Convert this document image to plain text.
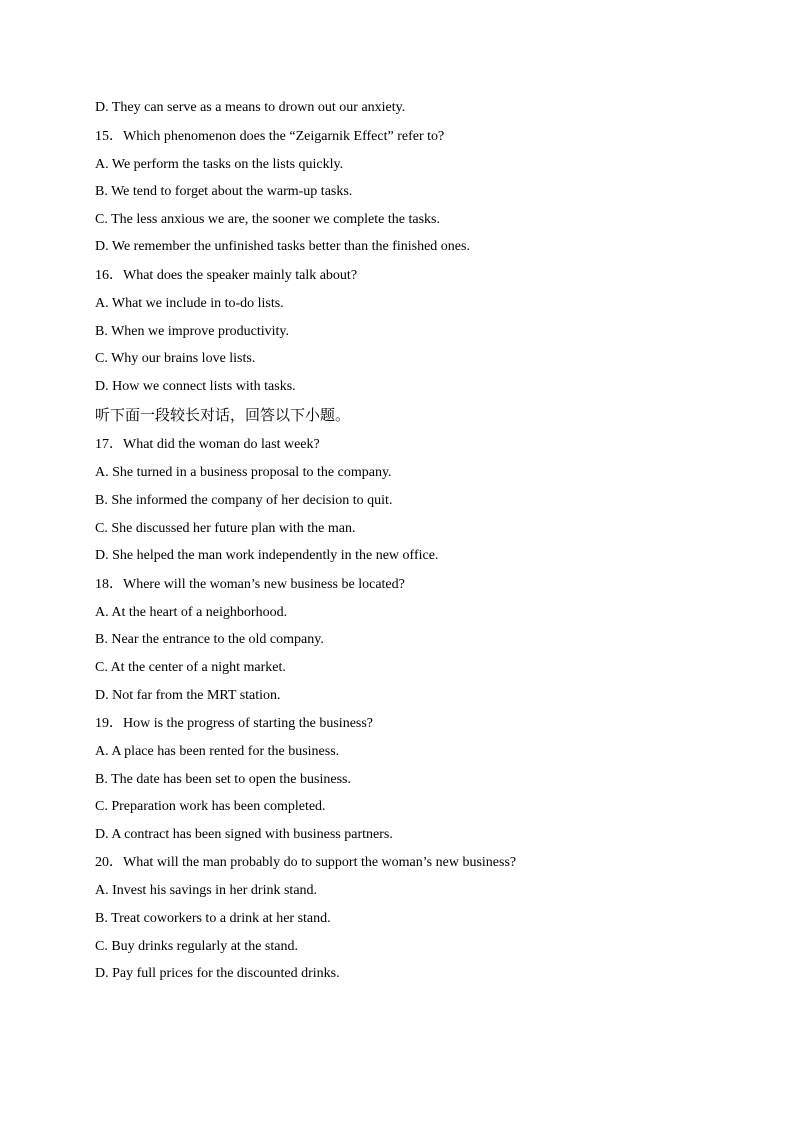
D. They can serve as a means to drown out our anxiety.
15．Which phenomenon does the “Zeigarnik Effect” refer to?
A. We perform the tasks on the lists quickly.
B. We tend to forget about the warm-up tasks.
C. The less anxious we are, the sooner we complete the tasks.
D. We remember the unfinished tasks better than the finished ones.
16．What does the speaker mainly talk about?
A. What we include in to-do lists.
B. When we improve productivity.
C. Why our brains love lists.
D. How we connect lists with tasks.
听下面一段较长对话，回答以下小题。
17．What did the woman do last week?
A. She turned in a business proposal to the company.
B. She informed the company of her decision to quit.
C. She discussed her future plan with the man.
D. She helped the man work independently in the new office.
18．Where will the woman’s new business be located?
A. At the heart of a neighborhood.
B. Near the entrance to the old company.
C. At the center of a night market.
D. Not far from the MRT station.
19．How is the progress of starting the business?
A. A place has been rented for the business.
B. The date has been set to open the business.
C. Preparation work has been completed.
D. A contract has been signed with business partners.
20．What will the man probably do to support the woman’s new business?
A. Invest his savings in her drink stand.
B. Treat coworkers to a drink at her stand.
C. Buy drinks regularly at the stand.
D. Pay full prices for the discounted drinks.
